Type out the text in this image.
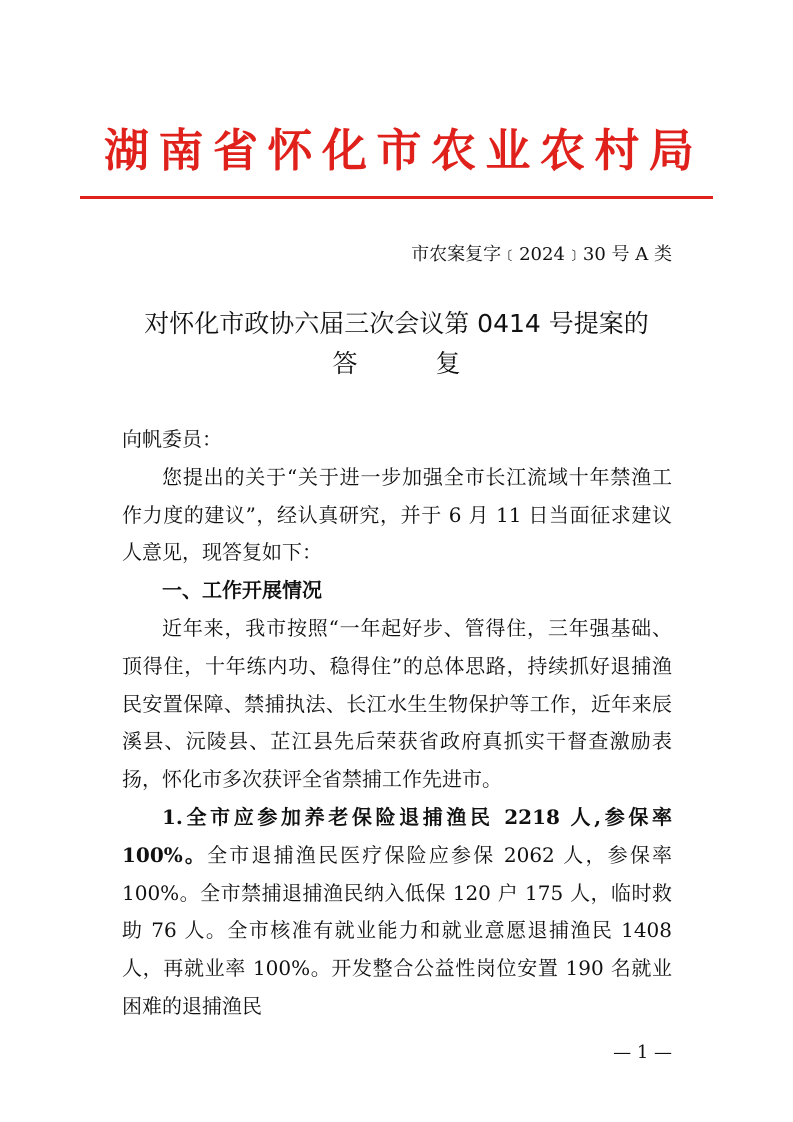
湖 南 省 怀 化 市 农 业 农 村 局
市农案复字﹝2024﹞30 号 A 类
对怀化市政协六届三次会议第 0414 号提案的
答复

向帆委员：

您提出的关于“关于进一步加强全市长江流域十年禁渔工作力度的建议”，经认真研究，并于 6 月 11 日当面征求建议人意见，现答复如下：

一、工作开展情况

近年来，我市按照“一年起好步、管得住，三年强基础、顶得住，十年练内功、稳得住”的总体思路，持续抓好退捕渔民安置保障、禁捕执法、长江水生生物保护等工作，近年来辰溪县、沅陵县、芷江县先后荣获省政府真抓实干督查激励表扬，怀化市多次获评全省禁捕工作先进市。

1.全市应参加养老保险退捕渔民 2218 人,参保率 100%。全市退捕渔民医疗保险应参保 2062 人，参保率 100%。全市禁捕退捕渔民纳入低保 120 户 175 人，临时救助 76 人。全市核准有就业能力和就业意愿退捕渔民 1408 人，再就业率 100%。开发整合公益性岗位安置 190 名就业困难的退捕渔民

— 1 —
